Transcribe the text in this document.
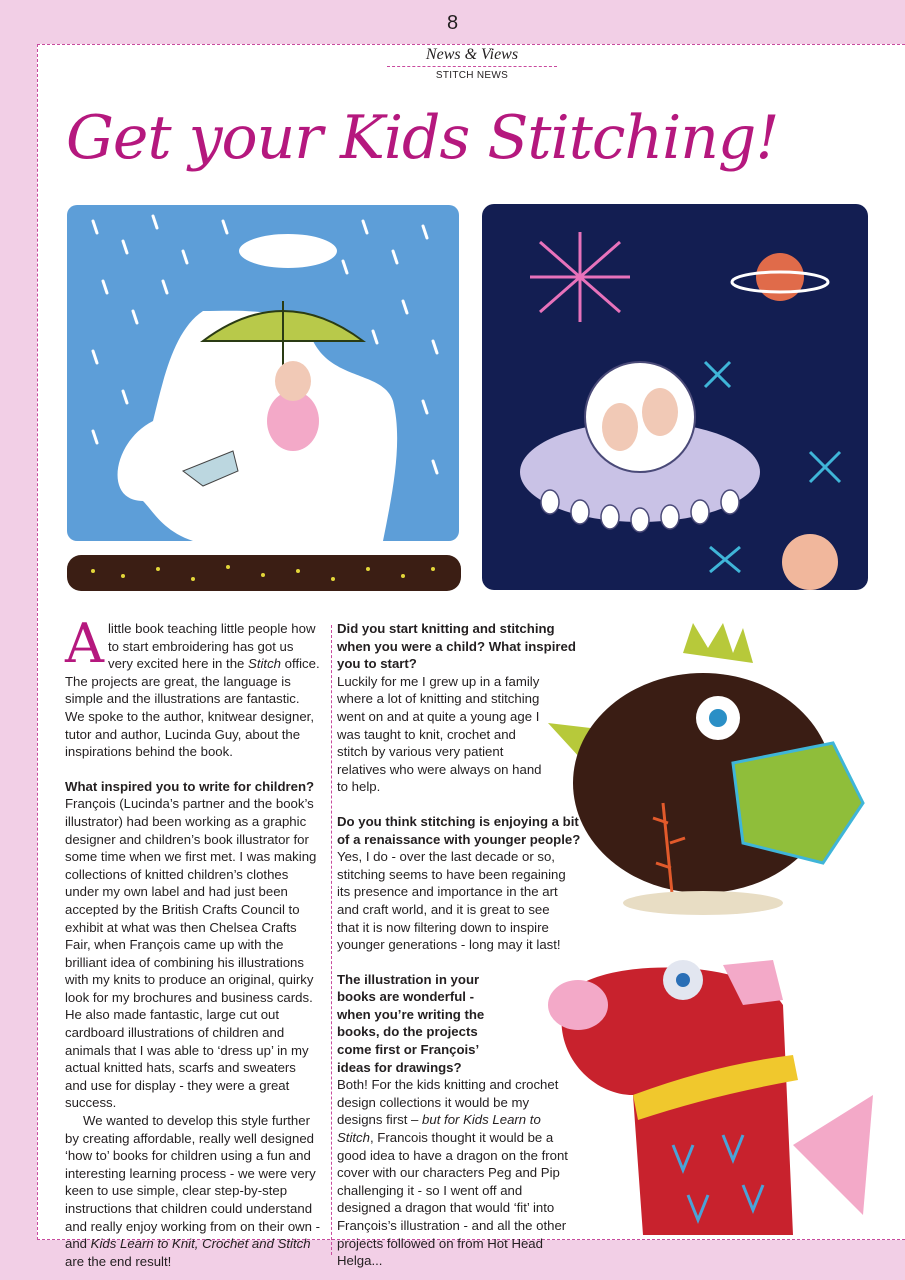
8
News & Views
STITCH NEWS
Get your Kids Stitching!

Alittle book teaching little people how to start embroidering has got us very excited here in the Stitch office. The projects are great, the language is simple and the illustrations are fantastic. We spoke to the author, knitwear designer, tutor and author, Lucinda Guy, about the inspirations behind the book.

What inspired you to write for children?

François (Lucinda’s partner and the book’s illustrator) had been working as a graphic designer and children’s book illustrator for some time when we first met. I was making collections of knitted children’s clothes under my own label and had just been accepted by the British Crafts Council to exhibit at what was then Chelsea Crafts Fair, when François came up with the brilliant idea of combining his illustrations with my knits to produce an original, quirky look for my brochures and business cards. He also made fantastic, large cut out cardboard illustrations of children and animals that I was able to ‘dress up’ in my actual knitted hats, scarfs and sweaters and use for display - they were a great success.

We wanted to develop this style further by creating affordable, really well designed ‘how to’ books for children using a fun and interesting learning process - we were very keen to use simple, clear step-by-step instructions that children could understand and really enjoy working from on their own - and Kids Learn to Knit, Crochet and Stitch are the end result!

Did you start knitting and stitching when you were a child? What inspired you to start?

Luckily for me I grew up in a family where a lot of knitting and stitching went on and at quite a young age I was taught to knit, crochet and stitch by various very patient relatives who were always on hand to help.

Do you think stitching is enjoying a bit of a renaissance with younger people?

Yes, I do - over the last decade or so, stitching seems to have been regaining its presence and importance in the art and craft world, and it is great to see that it is now filtering down to inspire younger generations - long may it last!

The illustration in your books are wonderful - when you’re writing the books, do the projects come first or François’ ideas for drawings?

Both! For the kids knitting and crochet design collections it would be my designs first – but for Kids Learn to Stitch, Francois thought it would be a good idea to have a dragon on the front cover with our characters Peg and Pip challenging it - so I went off and designed a dragon that would ‘fit’ into François’s illustration - and all the other projects followed on from Hot Head Helga...
